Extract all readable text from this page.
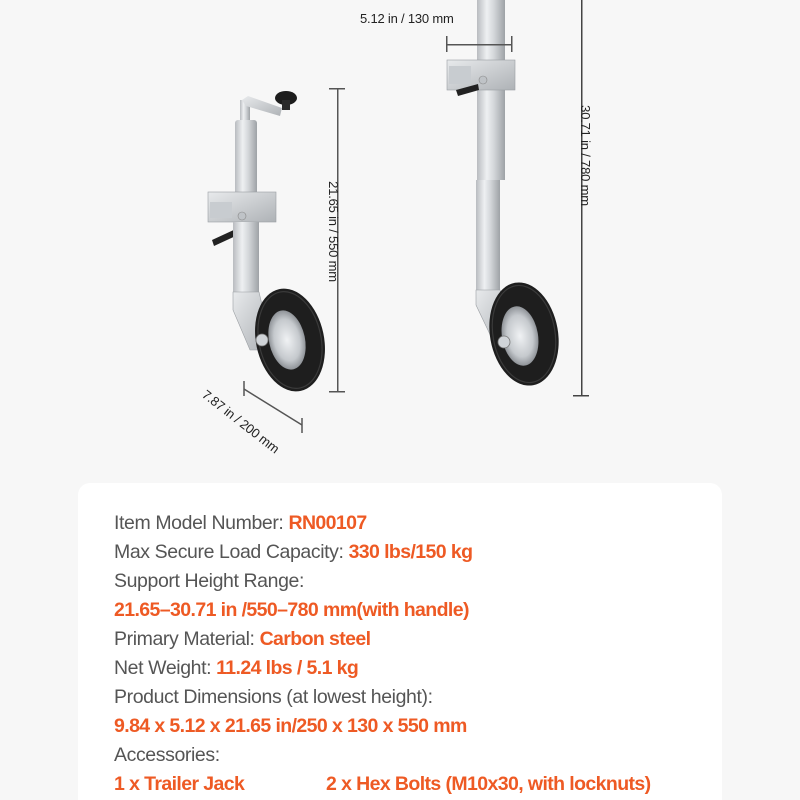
21.65 in / 550 mm
7.87 in / 200 mm
5.12 in / 130 mm
30.71 in / 780 mm
Item Model Number: RN00107
Max Secure Load Capacity: 330 lbs/150 kg
Support Height Range:
21.65–30.71 in /550–780 mm(with handle)
Primary Material: Carbon steel
Net Weight: 11.24 lbs / 5.1 kg
Product Dimensions (at lowest height):
9.84 x 5.12 x 21.65 in/250 x 130 x 550 mm
Accessories:
1 x Trailer Jack	2 x Hex Bolts (M10x30, with locknuts)
